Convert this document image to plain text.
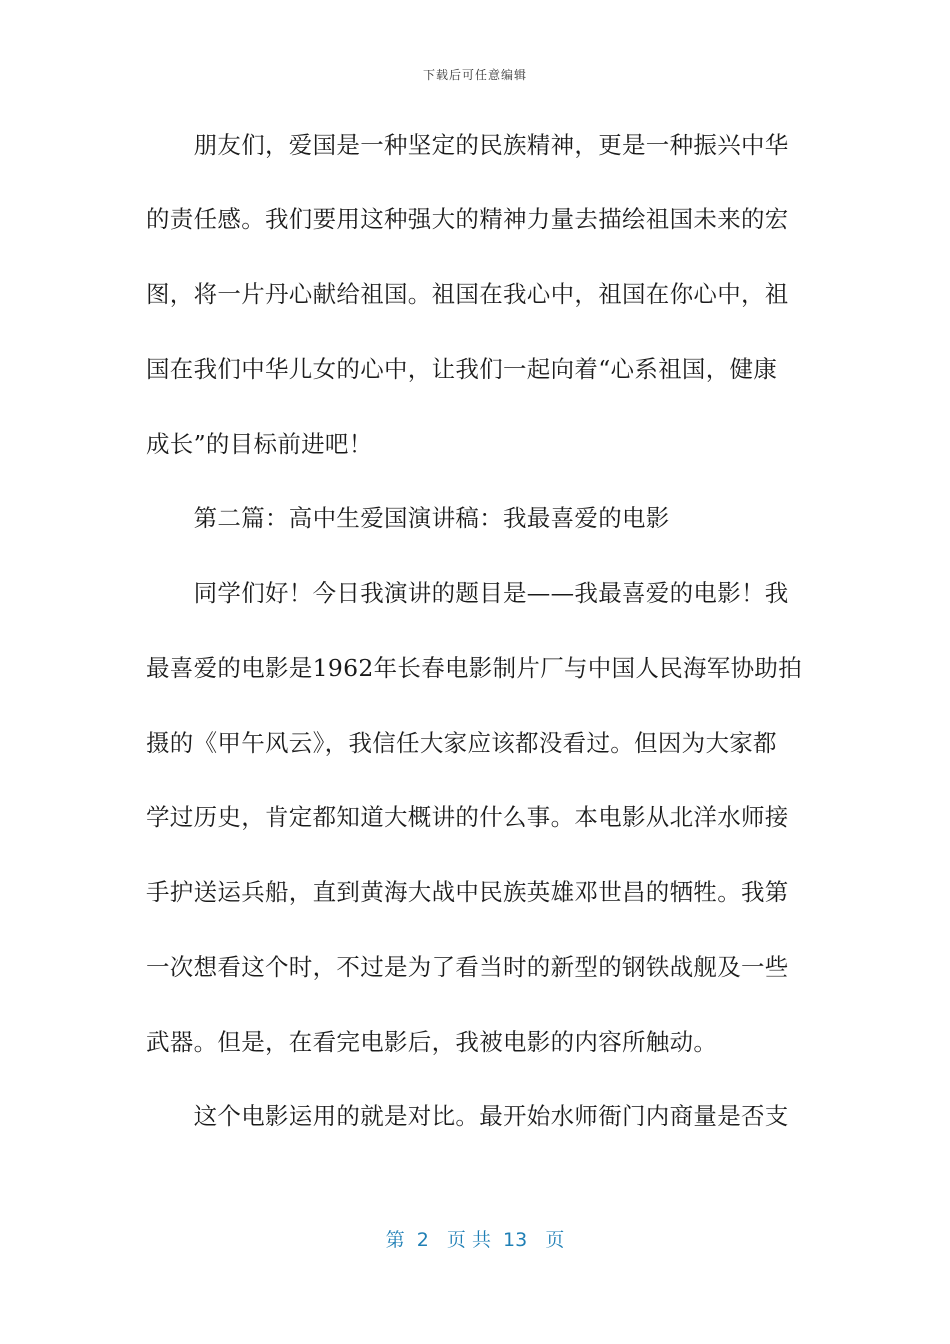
下载后可任意编辑
　　朋友们，爱国是一种坚定的民族精神，更是一种振兴中华
的责任感。我们要用这种强大的精神力量去描绘祖国未来的宏
图，将一片丹心献给祖国。祖国在我心中，祖国在你心中，祖
国在我们中华儿女的心中，让我们一起向着“心系祖国，健康
成长”的目标前进吧！
　　第二篇：高中生爱国演讲稿：我最喜爱的电影
　　同学们好！今日我演讲的题目是——我最喜爱的电影！我
最喜爱的电影是1962年长春电影制片厂与中国人民海军协助拍
摄的《甲午风云》，我信任大家应该都没看过。但因为大家都
学过历史，肯定都知道大概讲的什么事。本电影从北洋水师接
手护送运兵船，直到黄海大战中民族英雄邓世昌的牺牲。我第
一次想看这个时，不过是为了看当时的新型的钢铁战舰及一些
武器。但是，在看完电影后，我被电影的内容所触动。
　　这个电影运用的就是对比。最开始水师衙门内商量是否支
第  2   页 共  13   页
